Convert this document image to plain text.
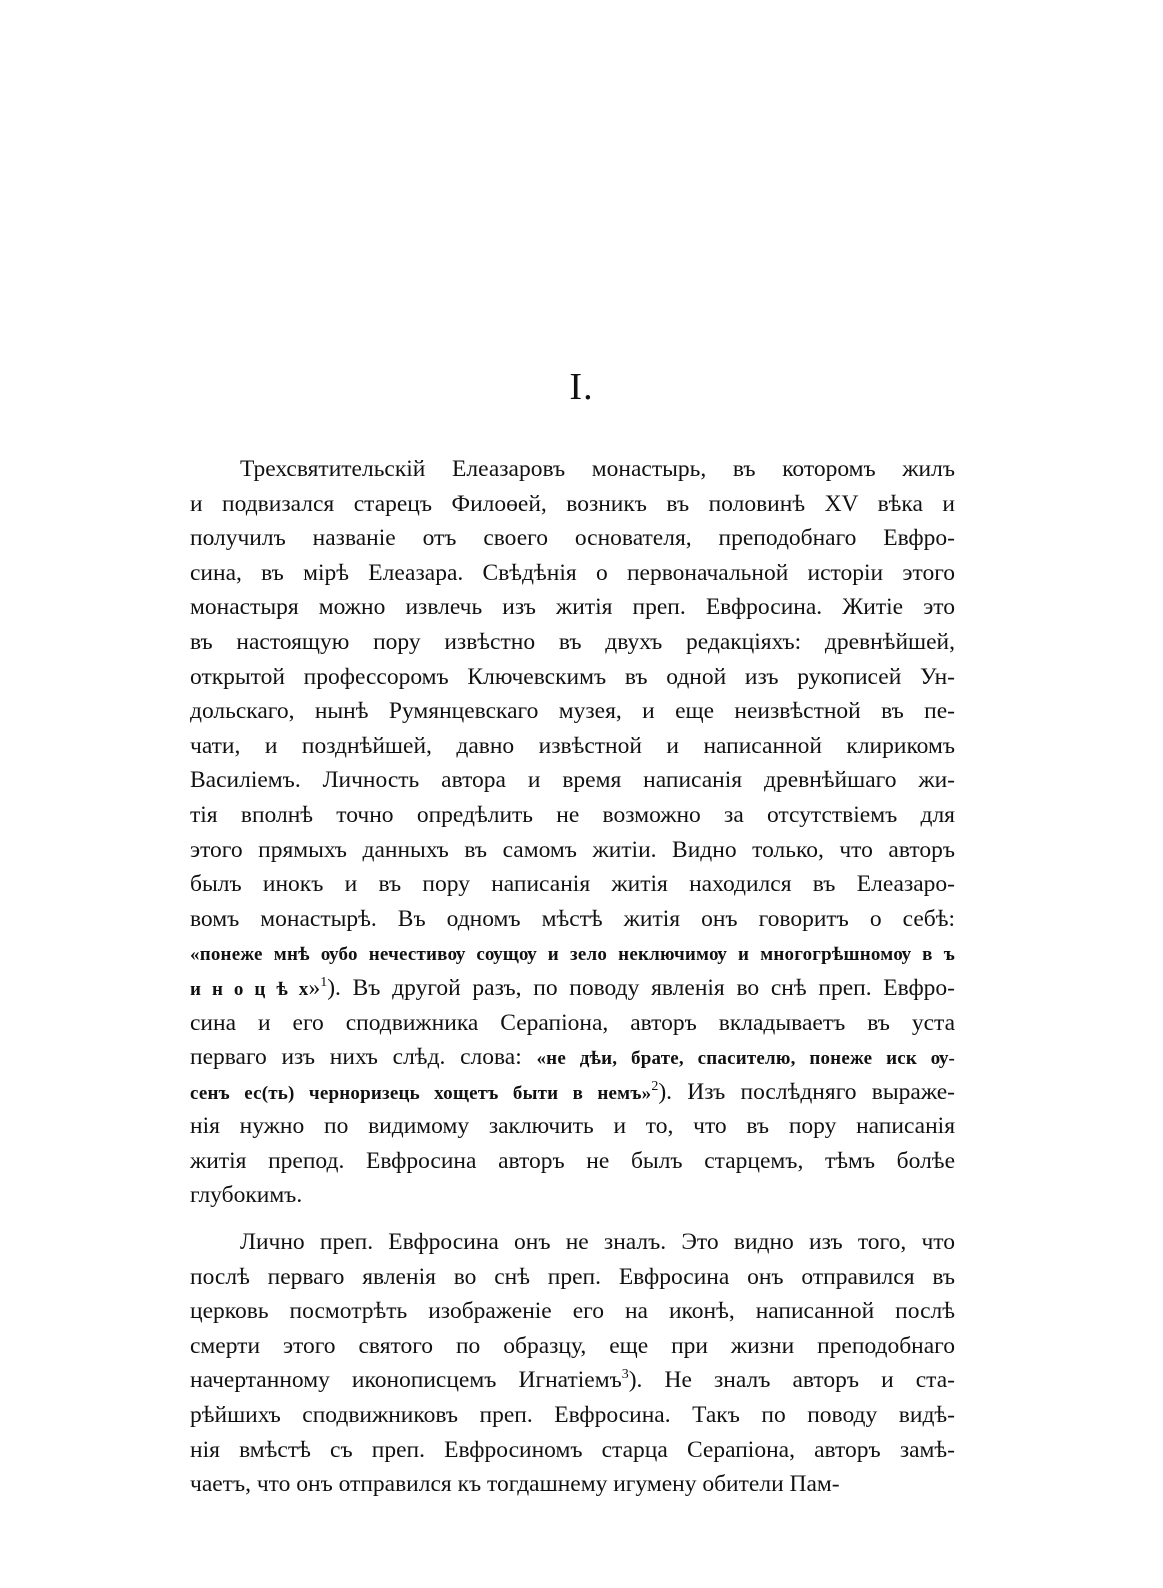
I.
Трехсвятительскій Елеазаровъ монастырь, въ которомъ жилъ
и подвизался старецъ Филоөей, возникъ въ половинѣ XV вѣка и
получилъ названіе отъ своего основателя, преподобнаго Евфро-
сина, въ мірѣ Елеазара. Свѣдѣнія о первоначальной исторіи этого
монастыря можно извлечь изъ житія преп. Евфросина. Житіе это
въ настоящую пору извѣстно въ двухъ редакціяхъ: древнѣйшей,
открытой профессоромъ Ключевскимъ въ одной изъ рукописей Ун-
дольскаго, нынѣ Румянцевскаго музея, и еще неизвѣстной въ пе-
чати, и позднѣйшей, давно извѣстной и написанной клирикомъ
Василіемъ. Личность автора и время написанія древнѣйшаго жи-
тія вполнѣ точно опредѣлить не возможно за отсутствіемъ для
этого прямыхъ данныхъ въ самомъ житіи. Видно только, что авторъ
былъ инокъ и въ пору написанія житія находился въ Елеазаро-
вомъ монастырѣ. Въ одномъ мѣстѣ житія онъ говоритъ о себѣ:
«понеже мнѣ ѹбо нечестивѹ сѹщѹ и зело неключимѹ и многогрѣшномѹ в ъ
и н о ц ѣ х»$^1$). Въ другой разъ, по поводу явленія во снѣ преп. Евфро-
сина и его сподвижника Серапіона, авторъ вкладываетъ въ уста
перваго изъ нихъ слѣд. слова: «не дѣи, брате, спасителю, понеже иск ѹ-
сенъ ес(ть) черноризець хощетъ быти в немъ»$^2$). Изъ послѣдняго выраже-
нія нужно по видимому заключить и то, что въ пору написанія
житія препод. Евфросина авторъ не былъ старцемъ, тѣмъ болѣе
глубокимъ.
Лично преп. Евфросина онъ не зналъ. Это видно изъ того, что
послѣ перваго явленія во снѣ преп. Евфросина онъ отправился въ
церковь посмотрѣть изображеніе его на иконѣ, написанной послѣ
смерти этого святого по образцу, еще при жизни преподобнаго
начертанному иконописцемъ Игнатіемъ$^3$). Не зналъ авторъ и ста-
рѣйшихъ сподвижниковъ преп. Евфросина. Такъ по поводу видѣ-
нія вмѣстѣ съ преп. Евфросиномъ старца Серапіона, авторъ замѣ-
чаетъ, что онъ отправился къ тогдашнему игумену обители Пам-
